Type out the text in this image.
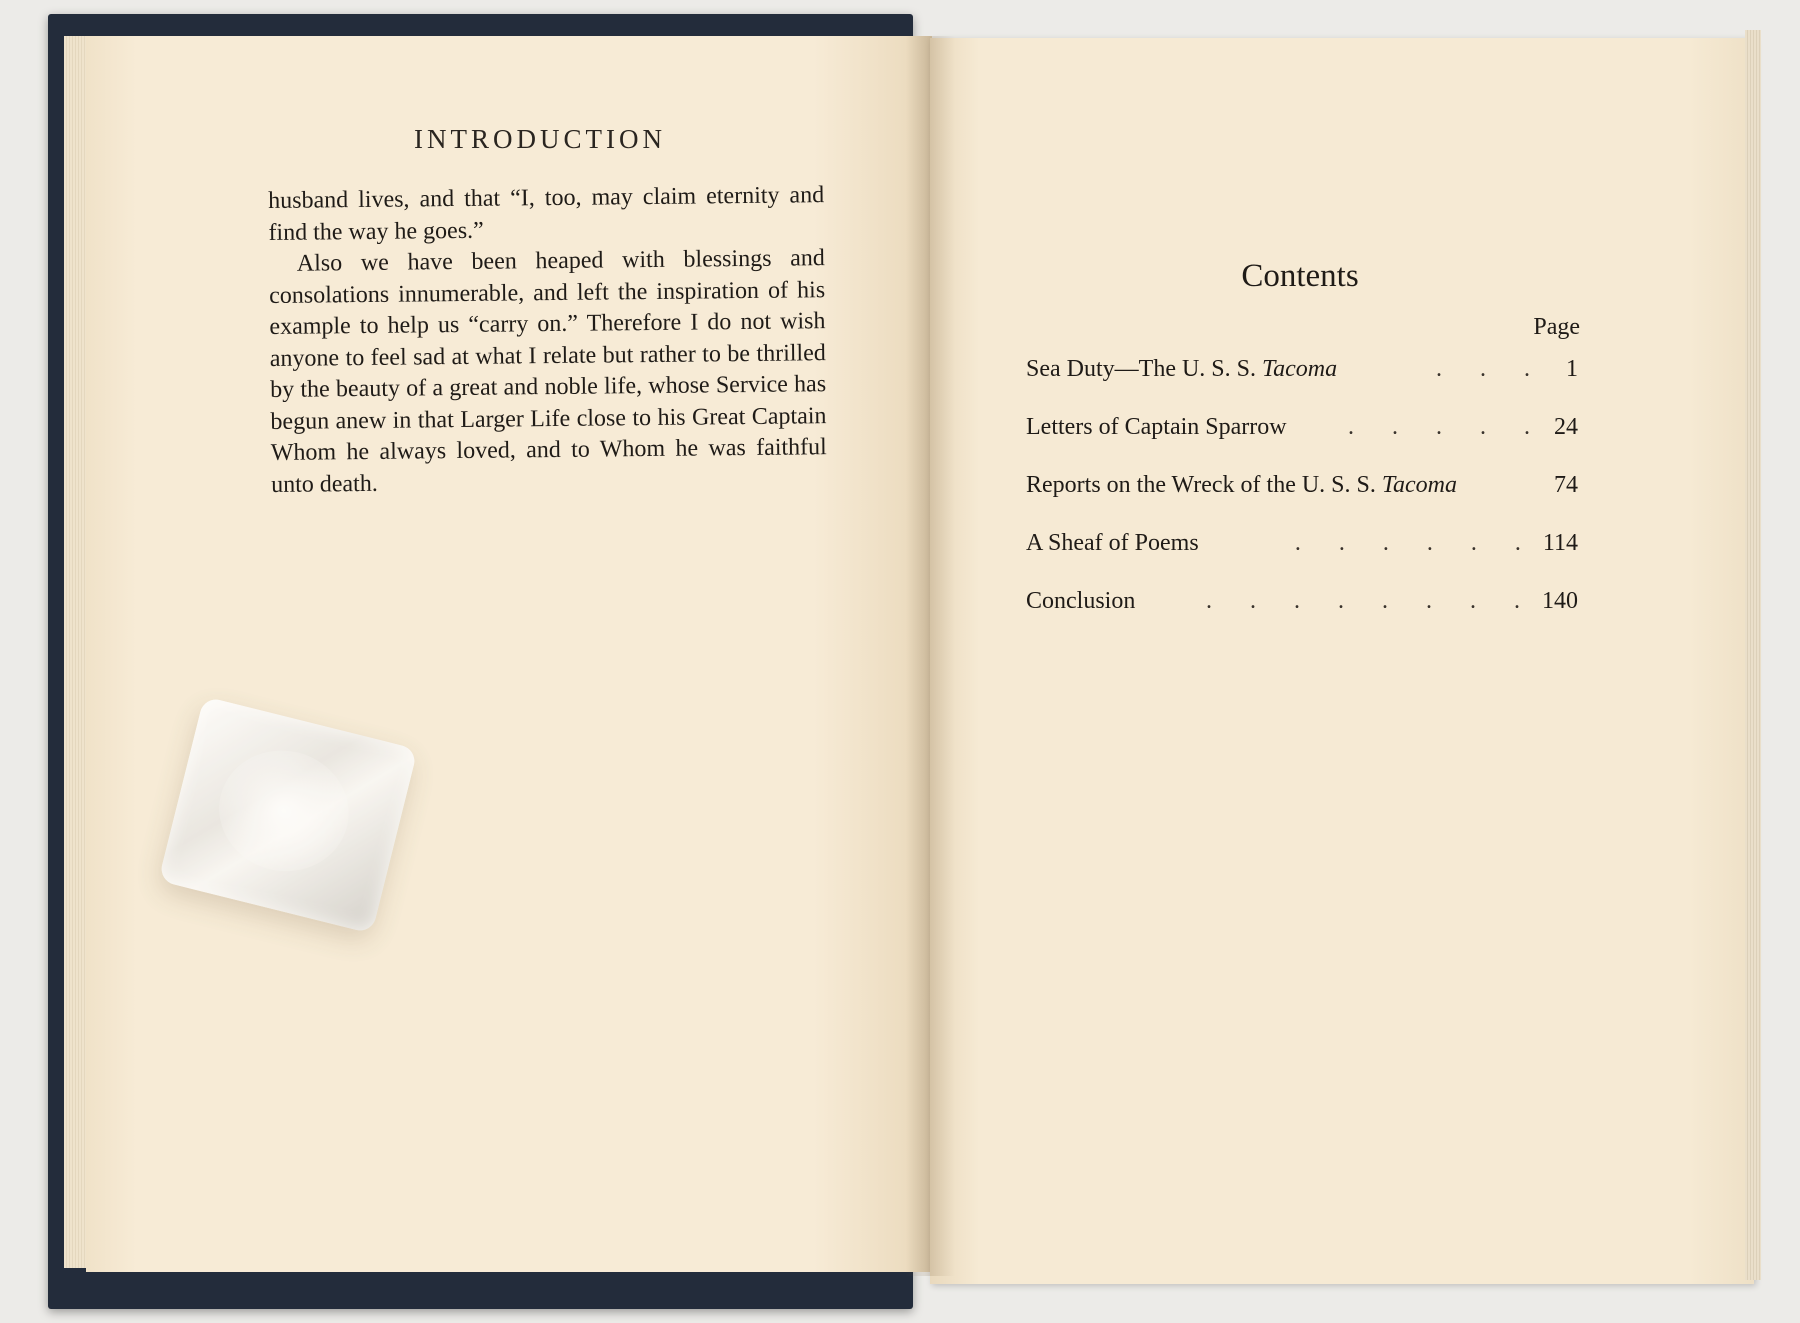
INTRODUCTION

husband lives, and that “I, too, may claim eternity and find the way he goes.”

Also we have been heaped with blessings and consolations innumerable, and left the inspiration of his example to help us “carry on.” Therefore I do not wish anyone to feel sad at what I relate but rather to be thrilled by the beauty of a great and noble life, whose Service has begun anew in that Larger Life close to his Great Captain Whom he always loved, and to Whom he was faithful unto death.

Contents
Page
Sea Duty—The U. S. S. Tacoma	. . . 1
Letters of Captain Sparrow	. . . . . 24
Reports on the Wreck of the U. S. S. Tacoma	74
A Sheaf of Poems	. . . . . . 114
Conclusion	. . . . . . . . 140
